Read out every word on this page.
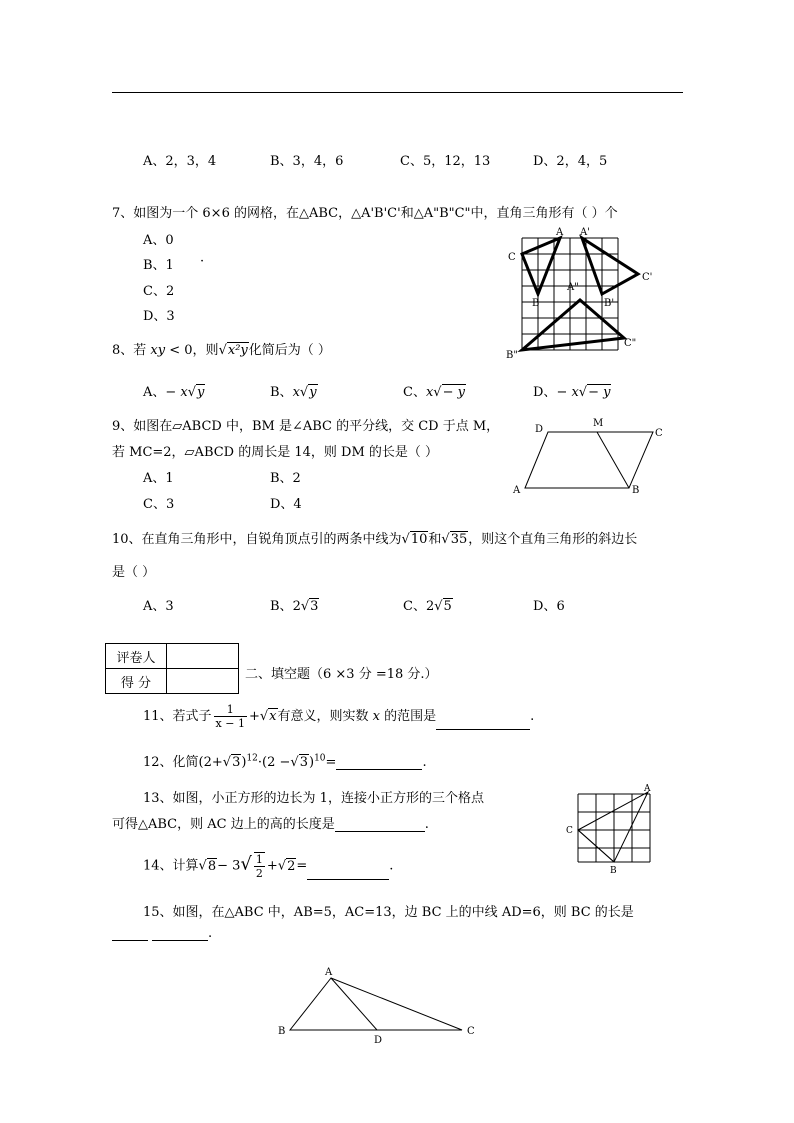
A、2，3，4	B、3，4，6	C、5，12，13	D、2，4，5
7、如图为一个 6×6 的网格，在△ABC，△A'B'C'和△A"B"C"中，直角三角形有（ ）个
A、0
B、1 ·
C、2
D、3
A A'
C
C'
B	B'
A"
B"
C"
8、若 xy < 0，则√x²y化简后为（ ）
A、− x√y	B、x√y	C、x√− y	D、− x√− y
9、如图在▱ABCD 中，BM 是∠ABC 的平分线，交 CD 于点 M，
若 MC=2，▱ABCD 的周长是 14，则 DM 的长是（ ）
A、1	B、2
C、3	D、4
D
M
C
A	B
10、在直角三角形中，自锐角顶点引的两条中线为√10和√35，则这个直角三角形的斜边长
是（ ）
A、3	B、2√3	C、2√5	D、6
评卷人	
得 分	
二、填空题（6 ×3 分 =18 分.）
11、若式子 $\frac{1}{x - 1} +√x$有意义，则实数 x 的范围是	.
12、化简$(2+√3)^{12}\cdot(2 -√3)^{10}=$	.
13、如图，小正方形的边长为 1，连接小正方形的三个格点
可得△ABC，则 AC 边上的高的长度是	.
A
C
B
14、计算$√8- 3√ \frac{1}{2} +√2=$	.
15、如图，在△ABC 中，AB=5，AC=13，边 BC 上的中线 AD=6，则 BC 的长是
.
A
B
D
C
